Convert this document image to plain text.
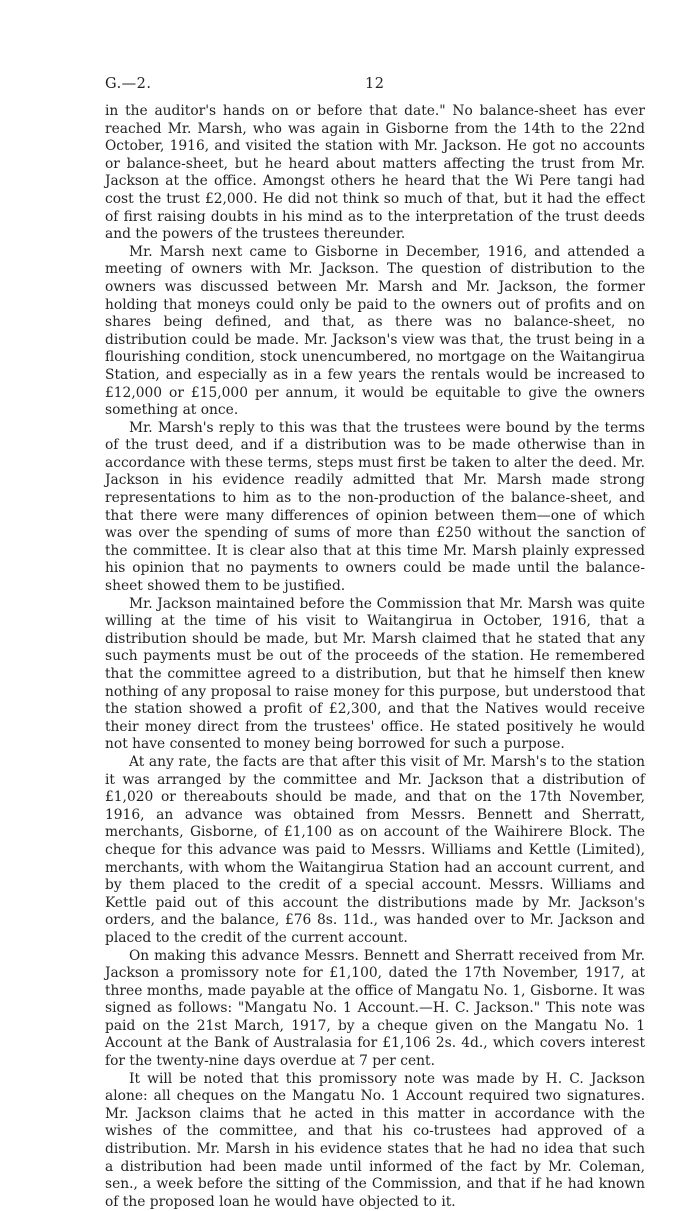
G.—2.	12

in the auditor's hands on or before that date." No balance-sheet has ever reached Mr. Marsh, who was again in Gisborne from the 14th to the 22nd October, 1916, and visited the station with Mr. Jackson. He got no accounts or balance-sheet, but he heard about matters affecting the trust from Mr. Jackson at the office. Amongst others he heard that the Wi Pere tangi had cost the trust £2,000. He did not think so much of that, but it had the effect of first raising doubts in his mind as to the interpretation of the trust deeds and the powers of the trustees thereunder.

Mr. Marsh next came to Gisborne in December, 1916, and attended a meeting of owners with Mr. Jackson. The question of distribution to the owners was discussed between Mr. Marsh and Mr. Jackson, the former holding that moneys could only be paid to the owners out of profits and on shares being defined, and that, as there was no balance-sheet, no distribution could be made. Mr. Jackson's view was that, the trust being in a flourishing condition, stock unencumbered, no mortgage on the Waitangirua Station, and especially as in a few years the rentals would be increased to £12,000 or £15,000 per annum, it would be equitable to give the owners something at once.

Mr. Marsh's reply to this was that the trustees were bound by the terms of the trust deed, and if a distribution was to be made otherwise than in accordance with these terms, steps must first be taken to alter the deed. Mr. Jackson in his evidence readily admitted that Mr. Marsh made strong representations to him as to the non-production of the balance-sheet, and that there were many differences of opinion between them—one of which was over the spending of sums of more than £250 without the sanction of the committee. It is clear also that at this time Mr. Marsh plainly expressed his opinion that no payments to owners could be made until the balance-sheet showed them to be justified.

Mr. Jackson maintained before the Commission that Mr. Marsh was quite willing at the time of his visit to Waitangirua in October, 1916, that a distribution should be made, but Mr. Marsh claimed that he stated that any such payments must be out of the proceeds of the station. He remembered that the committee agreed to a distribution, but that he himself then knew nothing of any proposal to raise money for this purpose, but understood that the station showed a profit of £2,300, and that the Natives would receive their money direct from the trustees' office. He stated positively he would not have consented to money being borrowed for such a purpose.

At any rate, the facts are that after this visit of Mr. Marsh's to the station it was arranged by the committee and Mr. Jackson that a distribution of £1,020 or thereabouts should be made, and that on the 17th November, 1916, an advance was obtained from Messrs. Bennett and Sherratt, merchants, Gisborne, of £1,100 as on account of the Waihirere Block. The cheque for this advance was paid to Messrs. Williams and Kettle (Limited), merchants, with whom the Waitangirua Station had an account current, and by them placed to the credit of a special account. Messrs. Williams and Kettle paid out of this account the distributions made by Mr. Jackson's orders, and the balance, £76 8s. 11d., was handed over to Mr. Jackson and placed to the credit of the current account.

On making this advance Messrs. Bennett and Sherratt received from Mr. Jackson a promissory note for £1,100, dated the 17th November, 1917, at three months, made payable at the office of Mangatu No. 1, Gisborne. It was signed as follows: "Mangatu No. 1 Account.—H. C. Jackson." This note was paid on the 21st March, 1917, by a cheque given on the Mangatu No. 1 Account at the Bank of Australasia for £1,106 2s. 4d., which covers interest for the twenty-nine days overdue at 7 per cent.

It will be noted that this promissory note was made by H. C. Jackson alone: all cheques on the Mangatu No. 1 Account required two signatures. Mr. Jackson claims that he acted in this matter in accordance with the wishes of the committee, and that his co-trustees had approved of a distribution. Mr. Marsh in his evidence states that he had no idea that such a distribution had been made until informed of the fact by Mr. Coleman, sen., a week before the sitting of the Commission, and that if he had known of the proposed loan he would have objected to it.
